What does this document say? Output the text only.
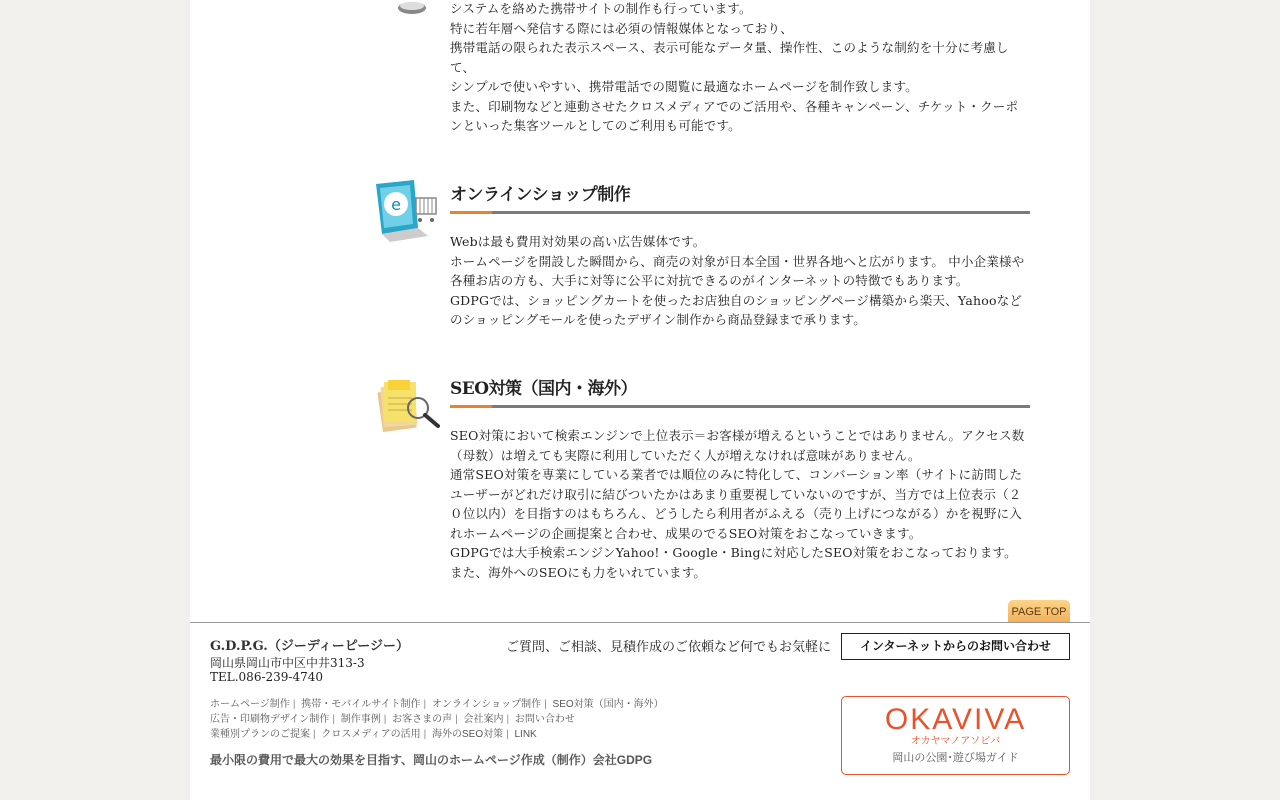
システムを絡めた携帯サイトの制作も行っています。

特に若年層へ発信する際には必須の情報媒体となっており、

携帯電話の限られた表示スペース、表示可能なデータ量、操作性、このような制約を十分に考慮して、

シンプルで使いやすい、携帯電話での閲覧に最適なホームページを制作致します。

また、印刷物などと連動させたクロスメディアでのご活用や、各種キャンペーン、チケット・クーポンといった集客ツールとしてのご利用も可能です。

e	オンラインショップ制作

Webは最も費用対効果の高い広告媒体です。

ホームページを開設した瞬間から、商売の対象が日本全国・世界各地へと広がります。 中小企業様や各種お店の方も、大手に対等に公平に対抗できるのがインターネットの特徴でもあります。

GDPGでは、ショッピングカートを使ったお店独自のショッピングページ構築から楽天、Yahooなどのショッピングモールを使ったデザイン制作から商品登録まで承ります。

SEO対策（国内・海外）

SEO対策において検索エンジンで上位表示＝お客様が増えるということではありません。アクセス数（母数）は増えても実際に利用していただく人が増えなければ意味がありません。

通常SEO対策を専業にしている業者では順位のみに特化して、コンバーション率（サイトに訪問したユーザーがどれだけ取引に結びついたかはあまり重要視していないのですが、当方では上位表示（２０位以内）を目指すのはもちろん、どうしたら利用者がふえる（売り上げにつながる）かを視野に入れホームページの企画提案と合わせ、成果のでるSEO対策をおこなっていきます。

GDPGでは大手検索エンジンYahoo!・Google・Bingに対応したSEO対策をおこなっております。

また、海外へのSEOにも力をいれています。

PAGE TOP
G.D.P.G.（ジーディーピージー）
岡山県岡山市中区中井313-3
TEL.086-239-4740
ご質問、ご相談、見積作成のご依頼など何でもお気軽に	インターネットからのお問い合わせ
ホームページ制作 | 携帯・モバイルサイト制作 | オンラインショップ制作 | SEO対策（国内・海外）
広告・印刷物デザイン制作 | 制作事例 | お客さまの声 | 会社案内 | お問い合わせ
業種別プランのご提案 | クロスメディアの活用 | 海外のSEO対策 | LINK
最小限の費用で最大の効果を目指す、岡山のホームページ作成（制作）会社GDPG
OKAVIVA
オカヤマノアソビバ
岡山の公園･遊び場ガイド
